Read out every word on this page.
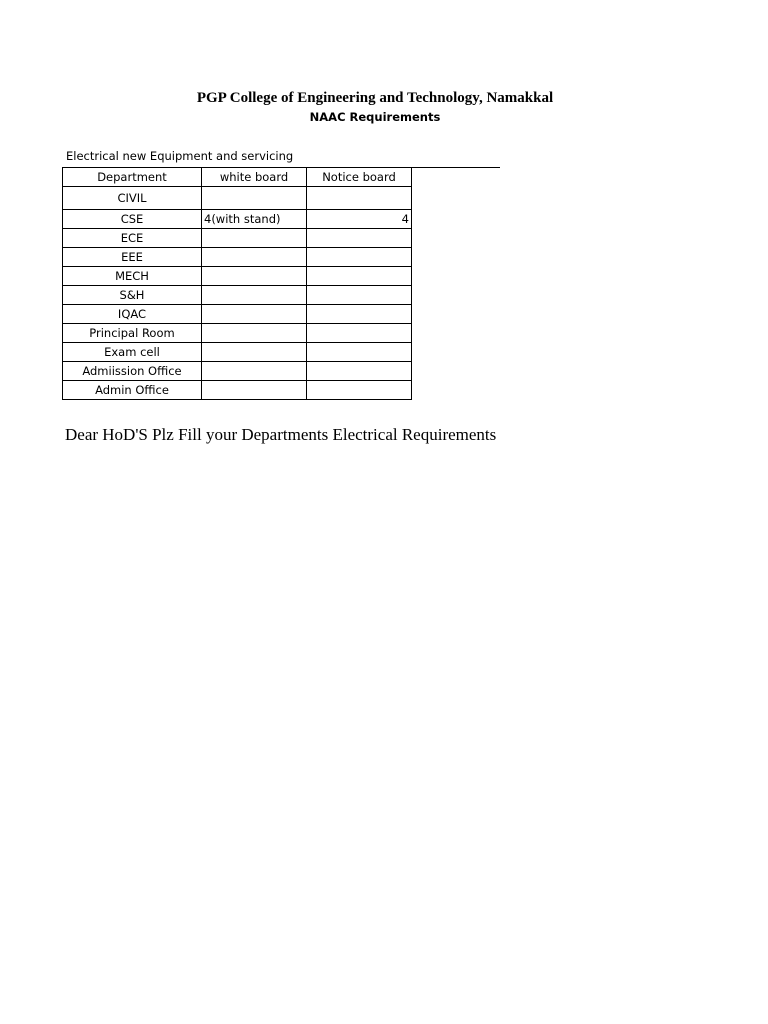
PGP College of Engineering and Technology, Namakkal
NAAC Requirements
Electrical new Equipment and servicing
Department	white board	Notice board
CIVIL		
CSE	4(with stand)	4
ECE		
EEE		
MECH		
S&H		
IQAC		
Principal Room		
Exam cell		
Admiission Office		
Admin Office		
Dear HoD'S Plz Fill your Departments Electrical Requirements
